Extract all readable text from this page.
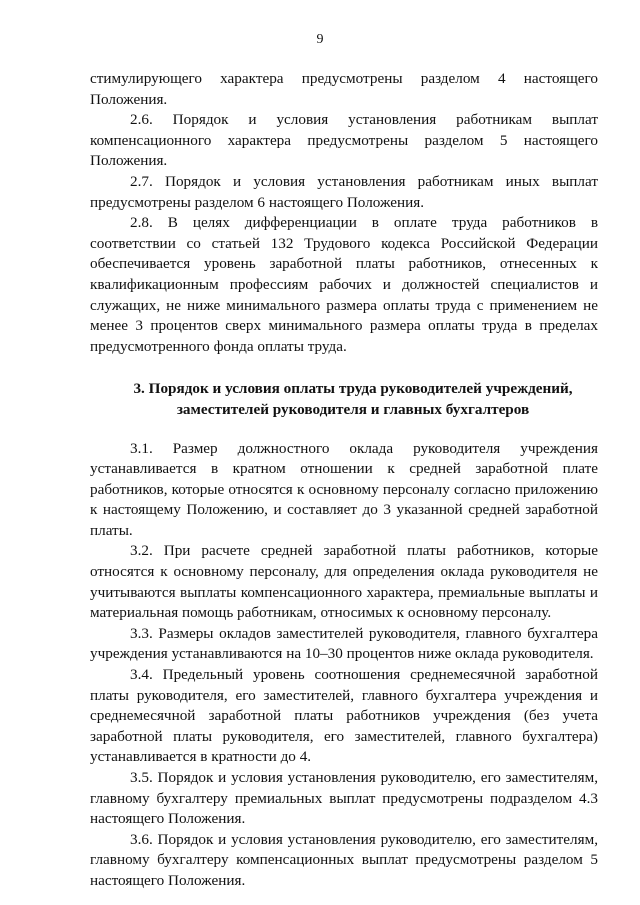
9

стимулирующего характера предусмотрены разделом 4 настоящего Положения.

2.6. Порядок и условия установления работникам выплат компенсационного характера предусмотрены разделом 5 настоящего Положения.

2.7. Порядок и условия установления работникам иных выплат предусмотрены разделом 6 настоящего Положения.

2.8. В целях дифференциации в оплате труда работников в соответствии со статьей 132 Трудового кодекса Российской Федерации обеспечивается уровень заработной платы работников, отнесенных к квалификационным профессиям рабочих и должностей специалистов и служащих, не ниже минимального размера оплаты труда с применением не менее 3 процентов сверх минимального размера оплаты труда в пределах предусмотренного фонда оплаты труда.

3. Порядок и условия оплаты труда руководителей учреждений,

заместителей руководителя и главных бухгалтеров

3.1. Размер должностного оклада руководителя учреждения устанавливается в кратном отношении к средней заработной плате работников, которые относятся к основному персоналу согласно приложению к настоящему Положению, и составляет до 3 указанной средней заработной платы.

3.2. При расчете средней заработной платы работников, которые относятся к основному персоналу, для определения оклада руководителя не учитываются выплаты компенсационного характера, премиальные выплаты и материальная помощь работникам, относимых к основному персоналу.

3.3. Размеры окладов заместителей руководителя, главного бухгалтера учреждения устанавливаются на 10–30 процентов ниже оклада руководителя.

3.4. Предельный уровень соотношения среднемесячной заработной платы руководителя, его заместителей, главного бухгалтера учреждения и среднемесячной заработной платы работников учреждения (без учета заработной платы руководителя, его заместителей, главного бухгалтера) устанавливается в кратности до 4.

3.5. Порядок и условия установления руководителю, его заместителям, главному бухгалтеру премиальных выплат предусмотрены подразделом 4.3 настоящего Положения.

3.6. Порядок и условия установления руководителю, его заместителям, главному бухгалтеру компенсационных выплат предусмотрены разделом 5 настоящего Положения.
